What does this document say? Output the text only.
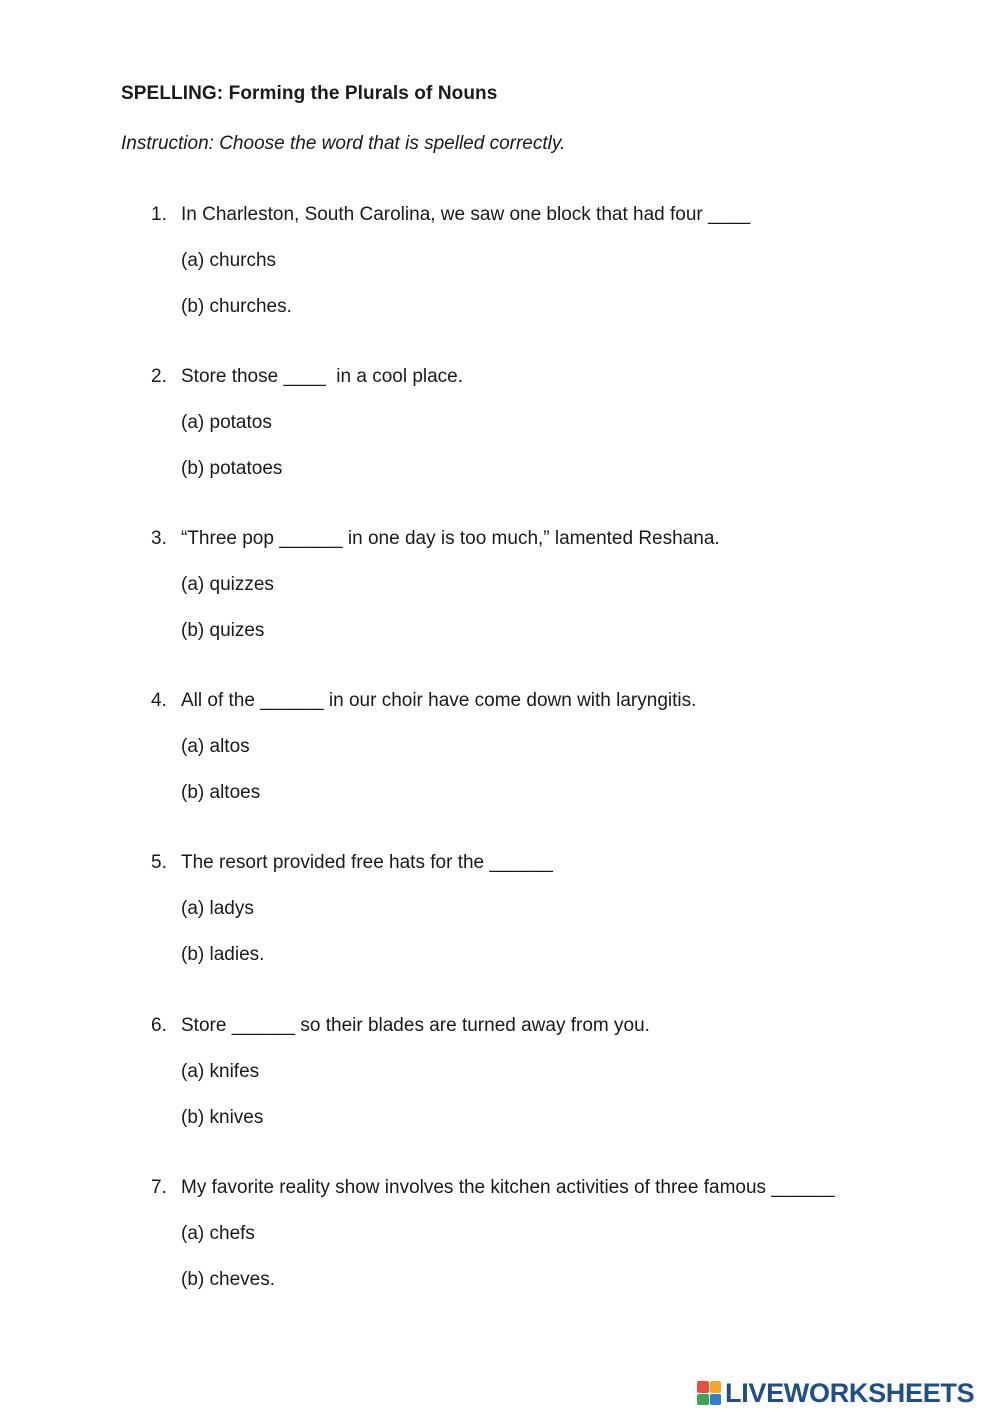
SPELLING: Forming the Plurals of Nouns
Instruction: Choose the word that is spelled correctly.
1. In Charleston, South Carolina, we saw one block that had four ____
(a) churchs
(b) churches.
2. Store those ____  in a cool place.
(a) potatos
(b) potatoes
3. “Three pop ______ in one day is too much,” lamented Reshana.
(a) quizzes
(b) quizes
4. All of the ______ in our choir have come down with laryngitis.
(a) altos
(b) altoes
5. The resort provided free hats for the ______
(a) ladys
(b) ladies.
6. Store ______ so their blades are turned away from you.
(a) knifes
(b) knives
7. My favorite reality show involves the kitchen activities of three famous ______
(a) chefs
(b) cheves.
LIVEWORKSHEETS
